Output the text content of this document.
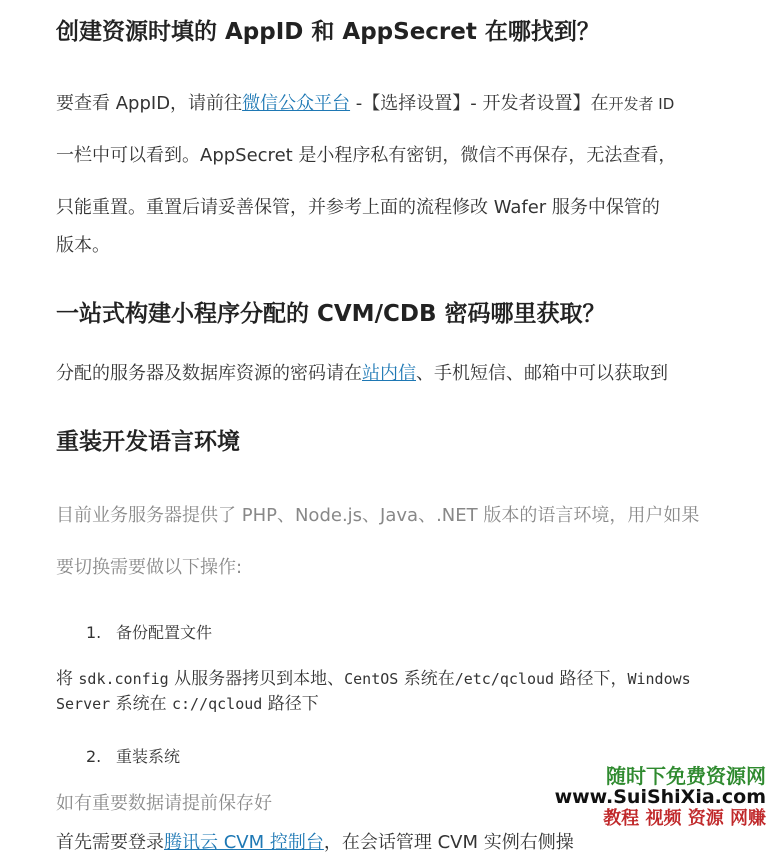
创建资源时填的 AppID 和 AppSecret 在哪找到？
要查看 AppID，请前往微信公众平台 -【选择设置】- 开发者设置】在开发者 ID
一栏中可以看到。AppSecret 是小程序私有密钥，微信不再保存，无法查看，
只能重置。重置后请妥善保管，并参考上面的流程修改 Wafer 服务中保管的
版本。
一站式构建小程序分配的 CVM/CDB 密码哪里获取？
分配的服务器及数据库资源的密码请在站内信、手机短信、邮箱中可以获取到
重装开发语言环境
目前业务服务器提供了 PHP、Node.js、Java、.NET 版本的语言环境，用户如果
要切换需要做以下操作:
1. 备份配置文件
将 sdk.config 从服务器拷贝到本地、CentOS 系统在/etc/qcloud 路径下，Windows
Server 系统在 c://qcloud 路径下
2. 重装系统
如有重要数据请提前保存好
随时下免费资源网
www.SuiShiXia.com
教程 视频 资源 网赚
首先需要登录腾讯云 CVM 控制台，在会话管理 CVM 实例右侧操
